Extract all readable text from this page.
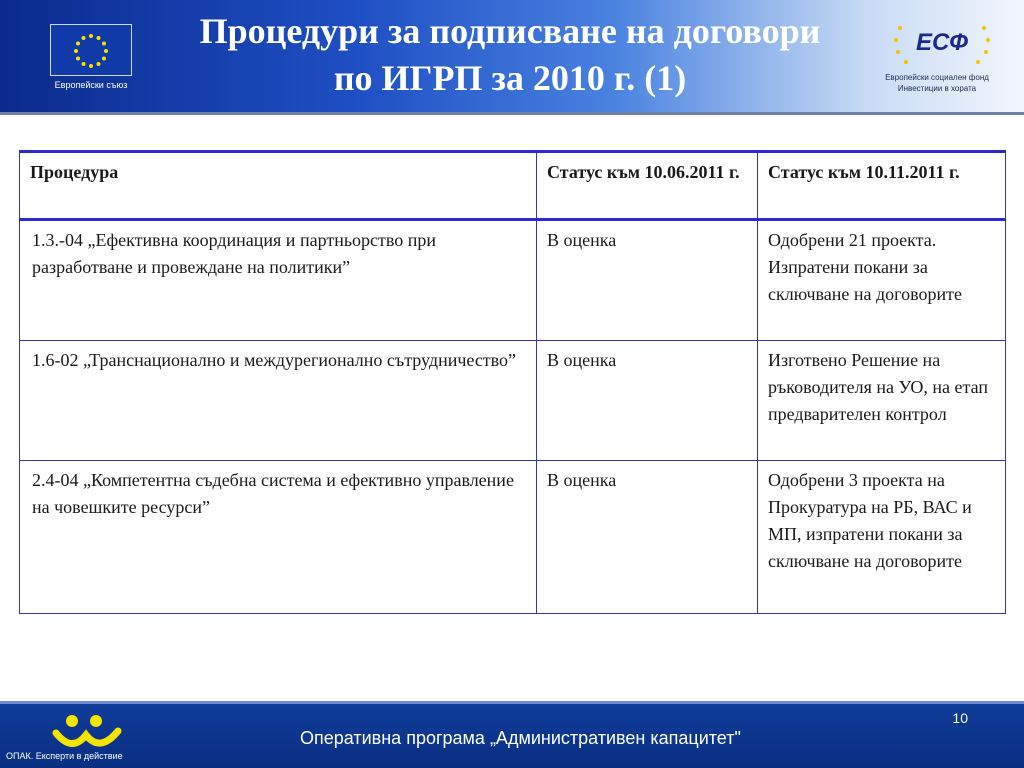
Европейски съюз
Процедури за подписване на договори
по ИГРП за 2010 г. (1)
ЕСФ
Европейски социален фонд
Инвестиции в хората
Процедура	Статус към 10.06.2011 г.	Статус към 10.11.2011 г.
1.3.-04 „Ефективна координация и партньорство при разработване и провеждане на политики”	В оценка	Одобрени 21 проекта. Изпратени покани за сключване на договорите
1.6-02 „Транснационално и междурегионално сътрудничество”	В оценка	Изготвено Решение на ръководителя на УО, на етап предварителен контрол
2.4-04 „Компетентна съдебна система и ефективно управление на човешките ресурси”	В оценка	Одобрени 3 проекта на Прокуратура на РБ, ВАС и МП, изпратени покани за сключване на договорите
ОПАК. Експерти в действие
Оперативна програма „Административен капацитет"
10
